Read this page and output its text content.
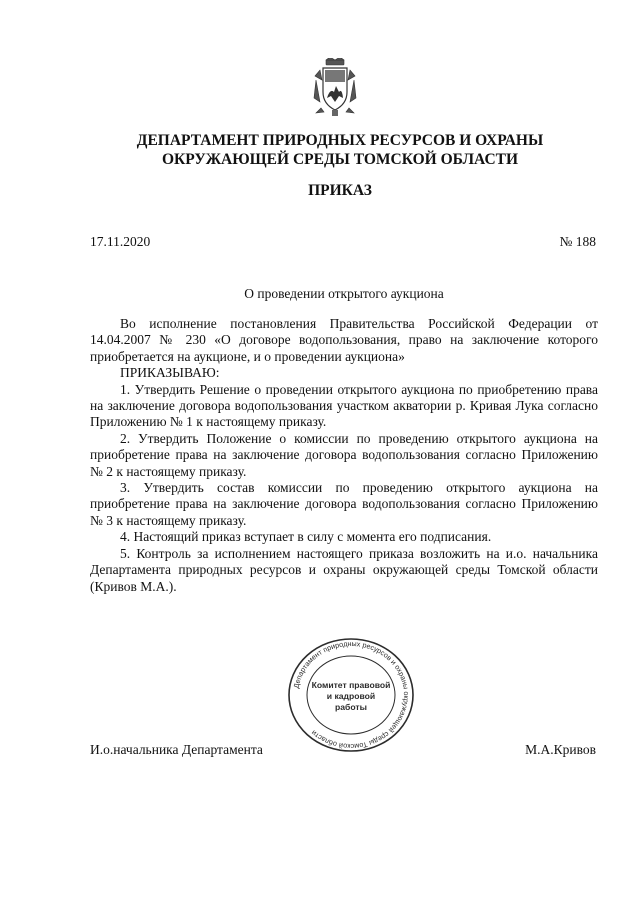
ДЕПАРТАМЕНТ ПРИРОДНЫХ РЕСУРСОВ И ОХРАНЫ
ОКРУЖАЮЩЕЙ СРЕДЫ ТОМСКОЙ ОБЛАСТИ
ПРИКАЗ
17.11.2020	№ 188
О проведении открытого аукциона

Во исполнение постановления Правительства Российской Федерации от 14.04.2007 № 230 «О договоре водопользования, право на заключение которого приобретается на аукционе, и о проведении аукциона»

ПРИКАЗЫВАЮ:

1. Утвердить Решение о проведении открытого аукциона по приобретению права на заключение договора водопользования участком акватории р. Кривая Лука согласно Приложению № 1 к настоящему приказу.

2. Утвердить Положение о комиссии по проведению открытого аукциона на приобретение права на заключение договора водопользования согласно Приложению № 2 к настоящему приказу.

3. Утвердить состав комиссии по проведению открытого аукциона на приобретение права на заключение договора водопользования согласно Приложению № 3 к настоящему приказу.

4. Настоящий приказ вступает в силу с момента его подписания.

5. Контроль за исполнением настоящего приказа возложить на и.о. начальника Департамента природных ресурсов и охраны окружающей среды Томской области (Кривов М.А.).

Департамент природных ресурсов и охраны окружающей среды Томской области
Комитет правовой
и кадровой
работы
И.о.начальника Департамента	М.А.Кривов
